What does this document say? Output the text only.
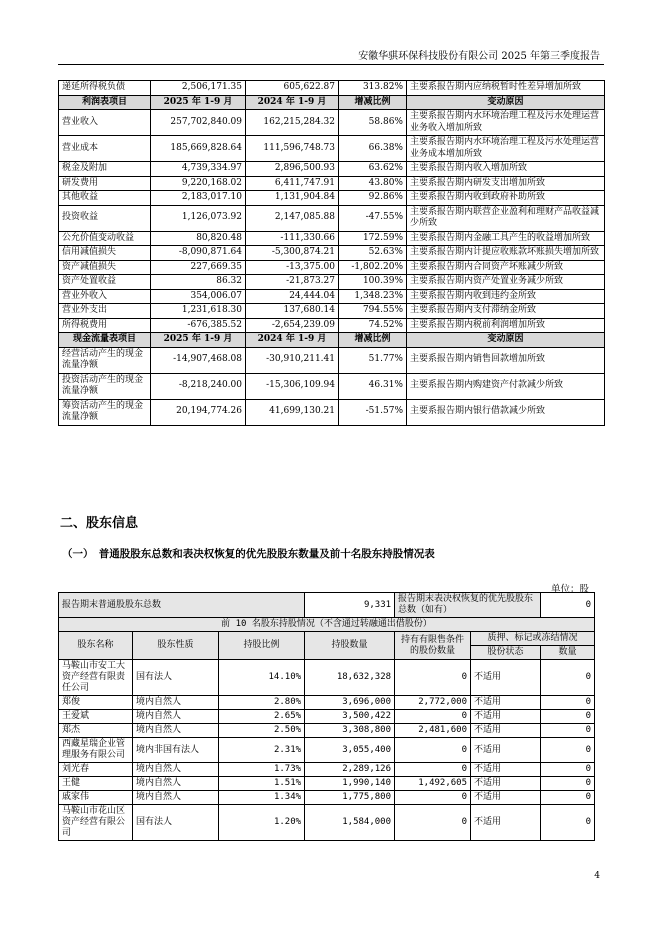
安徽华骐环保科技股份有限公司 2025 年第三季度报告
递延所得税负债	2,506,171.35	605,622.87	313.82%	主要系报告期内应纳税暂时性差异增加所致
利润表项目	2025 年 1-9 月	2024 年 1-9 月	增减比例	变动原因
营业收入	257,702,840.09	162,215,284.32	58.86%	主要系报告期内水环境治理工程及污水处理运营业务收入增加所致
营业成本	185,669,828.64	111,596,748.73	66.38%	主要系报告期内水环境治理工程及污水处理运营业务成本增加所致
税金及附加	4,739,334.97	2,896,500.93	63.62%	主要系报告期内收入增加所致
研发费用	9,220,168.02	6,411,747.91	43.80%	主要系报告期内研发支出增加所致
其他收益	2,183,017.10	1,131,904.84	92.86%	主要系报告期内收到政府补助所致
投资收益	1,126,073.92	2,147,085.88	-47.55%	主要系报告期内联营企业盈利和理财产品收益减少所致
公允价值变动收益	80,820.48	-111,330.66	172.59%	主要系报告期内金融工具产生的收益增加所致
信用减值损失	-8,090,871.64	-5,300,874.21	52.63%	主要系报告期内计提应收账款坏账损失增加所致
资产减值损失	227,669.35	-13,375.00	-1,802.20%	主要系报告期内合同资产坏账减少所致
资产处置收益	86.32	-21,873.27	100.39%	主要系报告期内资产处置业务减少所致
营业外收入	354,006.07	24,444.04	1,348.23%	主要系报告期内收到违约金所致
营业外支出	1,231,618.30	137,680.14	794.55%	主要系报告期内支付滞纳金所致
所得税费用	-676,385.52	-2,654,239.09	74.52%	主要系报告期内税前利润增加所致
现金流量表项目	2025 年 1-9 月	2024 年 1-9 月	增减比例	变动原因
经营活动产生的现金流量净额	-14,907,468.08	-30,910,211.41	51.77%	主要系报告期内销售回款增加所致
投资活动产生的现金流量净额	-8,218,240.00	-15,306,109.94	46.31%	主要系报告期内购建资产付款减少所致
筹资活动产生的现金流量净额	20,194,774.26	41,699,130.21	-51.57%	主要系报告期内银行借款减少所致
二、股东信息
（一）　普通股股东总数和表决权恢复的优先股股东数量及前十名股东持股情况表
单位：股
报告期末普通股股东总数			9,331	报告期末表决权恢复的优先股股东总数（如有）		0
前 10 名股东持股情况（不含通过转融通出借股份）						
股东名称	股东性质	持股比例	持股数量	持有有限售条件的股份数量	质押、标记或冻结情况	
					股份状态	数量
马鞍山市安工大资产经营有限责任公司	国有法人	14.10%	18,632,328	0	不适用	0
郑俊	境内自然人	2.80%	3,696,000	2,772,000	不适用	0
王爱斌	境内自然人	2.65%	3,500,422	0	不适用	0
郑杰	境内自然人	2.50%	3,308,800	2,481,600	不适用	0
西藏星瑞企业管理服务有限公司	境内非国有法人	2.31%	3,055,400	0	不适用	0
刘光春	境内自然人	1.73%	2,289,126	0	不适用	0
王健	境内自然人	1.51%	1,990,140	1,492,605	不适用	0
戚家伟	境内自然人	1.34%	1,775,800	0	不适用	0
马鞍山市花山区资产经营有限公司	国有法人	1.20%	1,584,000	0	不适用	0
4
